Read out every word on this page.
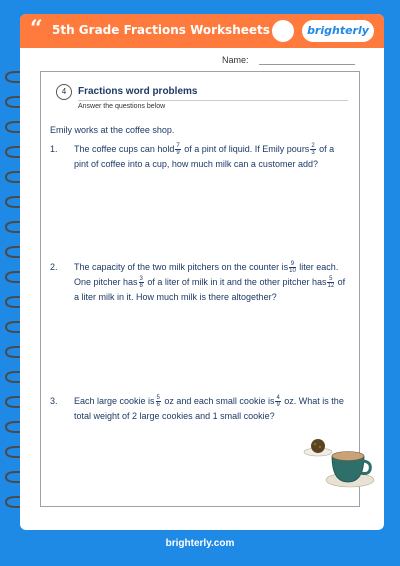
“ 5th Grade Fractions Worksheets	brighterly
Name:
4	Fractions word problems
Answer the questions below
Emily works at the coffee shop.
1. The coffee cups can hold $\frac{7}{9}$ of a pint of liquid. If Emily pours $\frac{2}{3}$ of a pint of coffee into a cup, how much milk can a customer add?
2. The capacity of the two milk pitchers on the counter is $\frac{9}{10}$ liter each. One pitcher has $\frac{3}{8}$ of a liter of milk in it and the other pitcher has $\frac{5}{12}$ of a liter milk in it. How much milk is there altogether?
3. Each large cookie is $\frac{5}{6}$ oz and each small cookie is $\frac{4}{9}$ oz. What is the total weight of 2 large cookies and 1 small cookie?
brighterly.com
